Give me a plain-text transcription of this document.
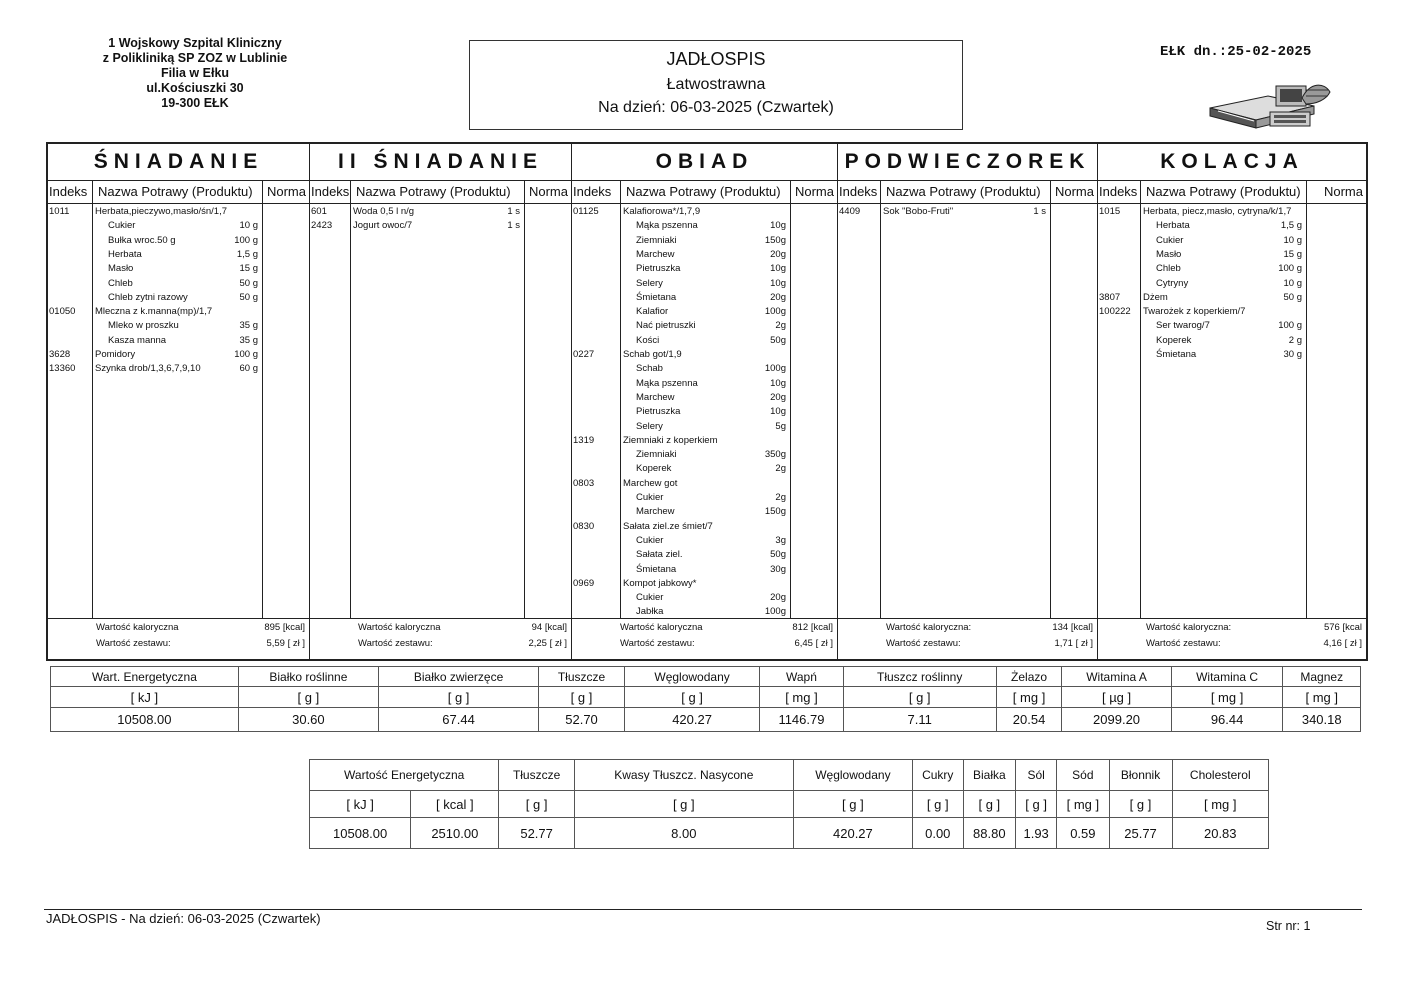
1 Wojskowy Szpital Kliniczny
z Polikliniką SP ZOZ w Lublinie
Filia w Ełku
ul.Kościuszki 30
19-300 EŁK
JADŁOSPIS
Łatwostrawna
Na dzień: 06-03-2025 (Czwartek)
EŁK dn.:25-02-2025
ŚNIADANIE
Indeks Nazwa Potrawy (Produktu) Norma
1011	Herbata,pieczywo,masło/śn/1,7
Cukier	10 g
Bułka wroc.50 g	100 g
Herbata	1,5 g
Masło	15 g
Chleb	50 g
Chleb zytni razowy	50 g
01050 Mleczna z k.manna(mp)/1,7
Mleko w proszku	35 g
Kasza manna	35 g
3628	Pomidory	100 g
13360 Szynka drob/1,3,6,7,9,10	60 g
Wartość kaloryczna	895 [kcal]
Wartość zestawu:	5,59 [ zł ]
II ŚNIADANIE
Indeks Nazwa Potrawy (Produktu) Norma
601	Woda 0,5 l n/g	1 s
2423 Jogurt owoc/7	1 s
Wartość kaloryczna	94 [kcal]
Wartość zestawu:	2,25 [ zł ]
OBIAD
Indeks Nazwa Potrawy (Produktu) Norma
01125	Kalafiorowa*/1,7,9
Mąka pszenna	10g
Ziemniaki	150g
Marchew	20g
Pietruszka	10g
Selery	10g
Śmietana	20g
Kalafior	100g
Nać pietruszki	2g
Kości	50g
0227	Schab got/1,9
Schab	100g
Mąka pszenna	10g
Marchew	20g
Pietruszka	10g
Selery	5g
1319	Ziemniaki z koperkiem
Ziemniaki	350g
Koperek	2g
0803	Marchew got
Cukier	2g
Marchew	150g
0830	Sałata ziel.ze śmiet/7
Cukier	3g
Sałata ziel.	50g
Śmietana	30g
0969	Kompot jabkowy*
Cukier	20g
Jabłka	100g
Wartość kaloryczna	812 [kcal]
Wartość zestawu:	6,45 [ zł ]
PODWIECZOREK
Indeks Nazwa Potrawy (Produktu) Norma
4409 Sok "Bobo-Fruti"	1 s
Wartość kaloryczna:	134 [kcal]
Wartość zestawu:	1,71 [ zł ]
KOLACJA
Indeks Nazwa Potrawy (Produktu) Norma
1015 Herbata, piecz,masło, cytryna/k/1,7
Herbata	1,5 g
Cukier	10 g
Masło	15 g
Chleb	100 g
Cytryny	10 g
3807 Dżem	50 g
100222 Twarożek z koperkiem/7
Ser twarog/7	100 g
Koperek	2 g
Śmietana	30 g
Wartość kaloryczna:	576 [kcal
Wartość zestawu:	4,16 [ zł ]
Wart. Energetyczna	Białko roślinne	Białko zwierzęce	Tłuszcze	Węglowodany	Wapń	Tłuszcz roślinny	Żelazo	Witamina A	Witamina C	Magnez
[ kJ ]	[ g ]	[ g ]	[ g ]	[ g ]	[ mg ]	[ g ]	[ mg ]	[ µg ]	[ mg ]	[ mg ]
10508.00	30.60	67.44	52.70	420.27	1146.79	7.11	20.54	2099.20	96.44	340.18
Wartość Energetyczna		Tłuszcze	Kwasy Tłuszcz. Nasycone	Węglowodany	Cukry	Białka	Sól	Sód	Błonnik	Cholesterol
[ kJ ]	[ kcal ]	[ g ]	[ g ]	[ g ]	[ g ]	[ g ]	[ g ]	[ mg ]	[ g ]	[ mg ]
10508.00	2510.00	52.77	8.00	420.27	0.00	88.80	1.93	0.59	25.77	20.83
JADŁOSPIS - Na dzień: 06-03-2025 (Czwartek)	Str nr: 1
